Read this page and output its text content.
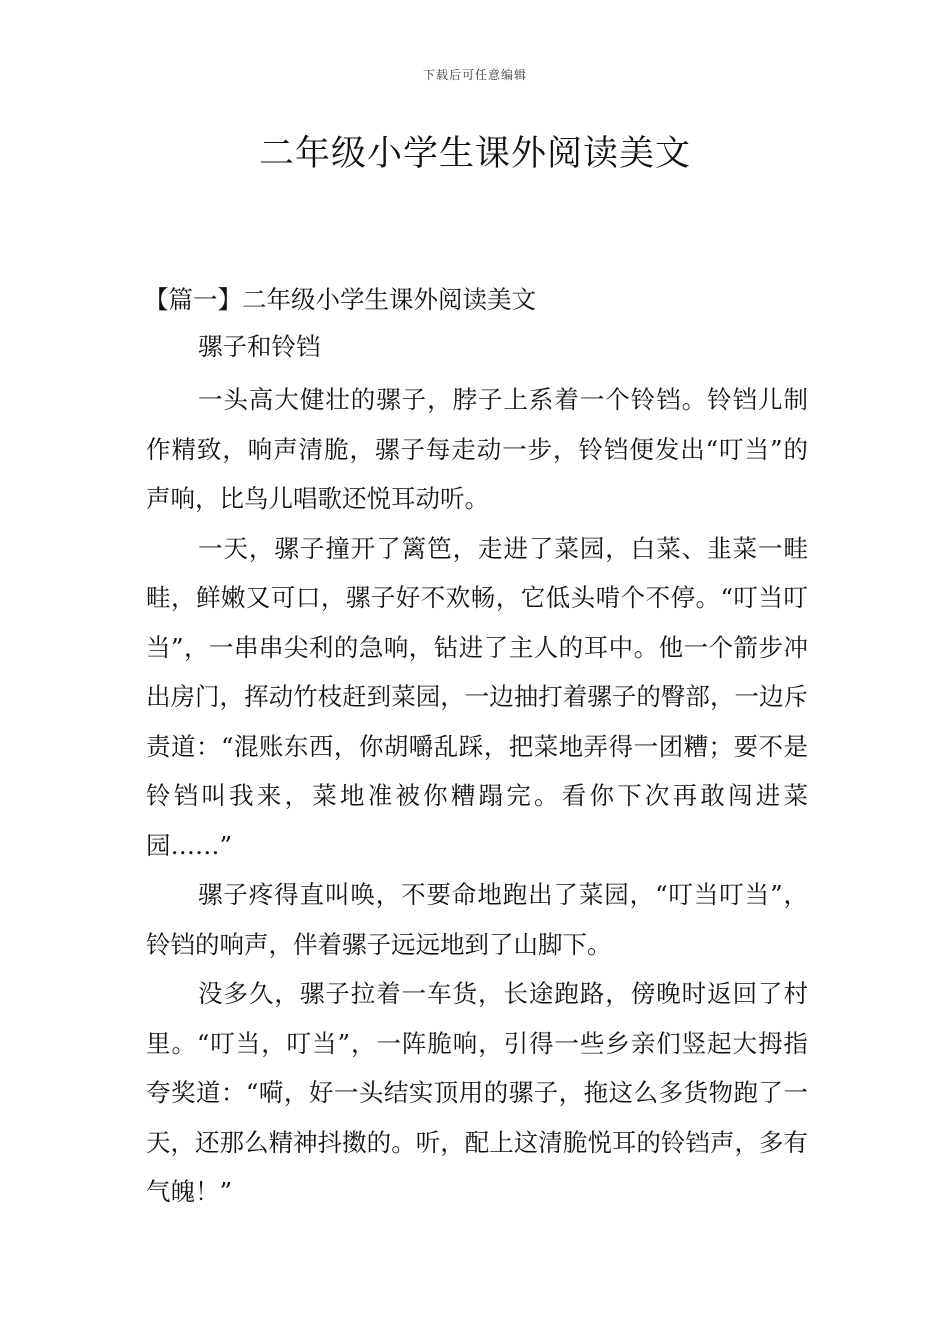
下载后可任意编辑
二年级小学生课外阅读美文
【篇一】二年级小学生课外阅读美文

骡子和铃铛

一头高大健壮的骡子，脖子上系着一个铃铛。铃铛儿制作精致，响声清脆，骡子每走动一步，铃铛便发出“叮当”的声响，比鸟儿唱歌还悦耳动听。

一天，骡子撞开了篱笆，走进了菜园，白菜、韭菜一畦畦，鲜嫩又可口，骡子好不欢畅，它低头啃个不停。“叮当叮当”，一串串尖利的急响，钻进了主人的耳中。他一个箭步冲出房门，挥动竹枝赶到菜园，一边抽打着骡子的臀部，一边斥责道：“混账东西，你胡嚼乱踩，把菜地弄得一团糟；要不是铃铛叫我来，菜地准被你糟蹋完。看你下次再敢闯进菜园……”

骡子疼得直叫唤，不要命地跑出了菜园，“叮当叮当”，铃铛的响声，伴着骡子远远地到了山脚下。

没多久，骡子拉着一车货，长途跑路，傍晚时返回了村里。“叮当，叮当”，一阵脆响，引得一些乡亲们竖起大拇指夸奖道：“嗬，好一头结实顶用的骡子，拖这么多货物跑了一天，还那么精神抖擞的。听，配上这清脆悦耳的铃铛声，多有气魄！”
